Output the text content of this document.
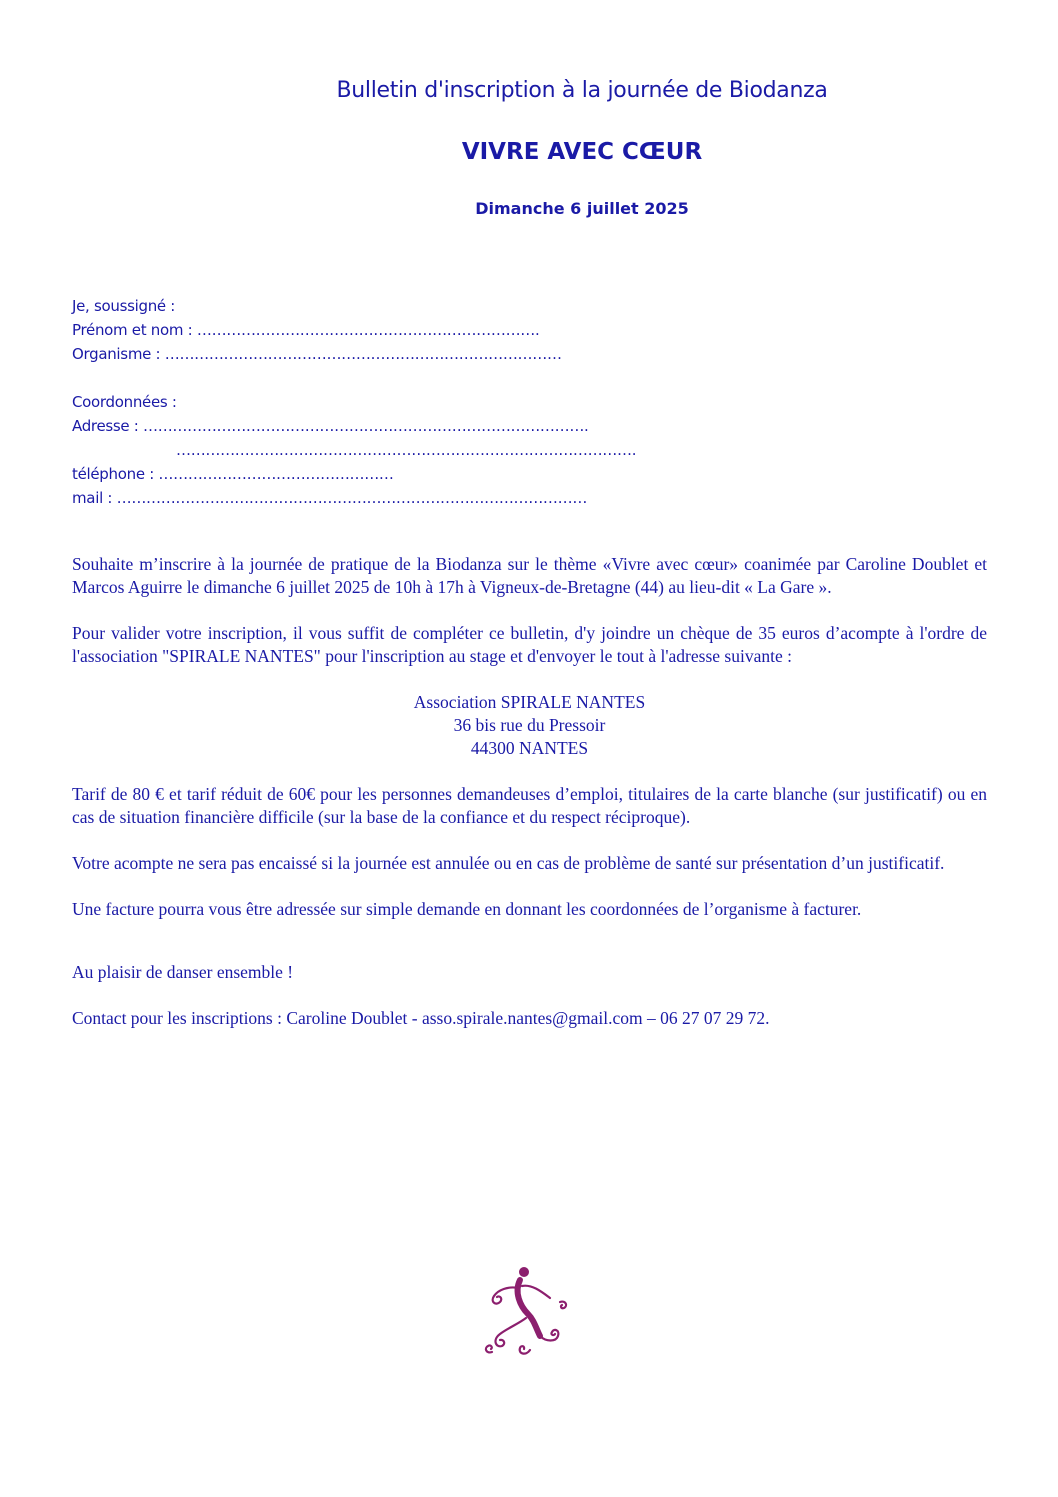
Bulletin d'inscription à la journée de Biodanza
VIVRE AVEC CŒUR
Dimanche 6 juillet 2025
Je, soussigné :
Prénom et nom : …………………………………………………………….
Organisme : ………………………………………………………………………
Coordonnées :
Adresse : ……………………………………………………………………………….
………………………………………………………………………………….
téléphone : …………………………………………
mail : ……………………………………………………………………………………

Souhaite m’inscrire à la journée de pratique de la Biodanza sur le thème «Vivre avec cœur» coanimée par Caroline Doublet et Marcos Aguirre le dimanche 6 juillet 2025 de 10h à 17h à Vigneux-de-Bretagne (44) au lieu-dit « La Gare ».

Pour valider votre inscription, il vous suffit de compléter ce bulletin, d'y joindre un chèque de 35 euros d’acompte à l'ordre de l'association "SPIRALE NANTES" pour l'inscription au stage et d'envoyer le tout à l'adresse suivante :

Association SPIRALE NANTES
36 bis rue du Pressoir
44300 NANTES

Tarif de 80 € et tarif réduit de 60€ pour les personnes demandeuses d’emploi, titulaires de la carte blanche (sur justificatif) ou en cas de situation financière difficile (sur la base de la confiance et du respect réciproque).

Votre acompte ne sera pas encaissé si la journée est annulée ou en cas de problème de santé sur présentation d’un justificatif.

Une facture pourra vous être adressée sur simple demande en donnant les coordonnées de l’organisme à facturer.

Au plaisir de danser ensemble !

Contact pour les inscriptions : Caroline Doublet - asso.spirale.nantes@gmail.com – 06 27 07 29 72.
